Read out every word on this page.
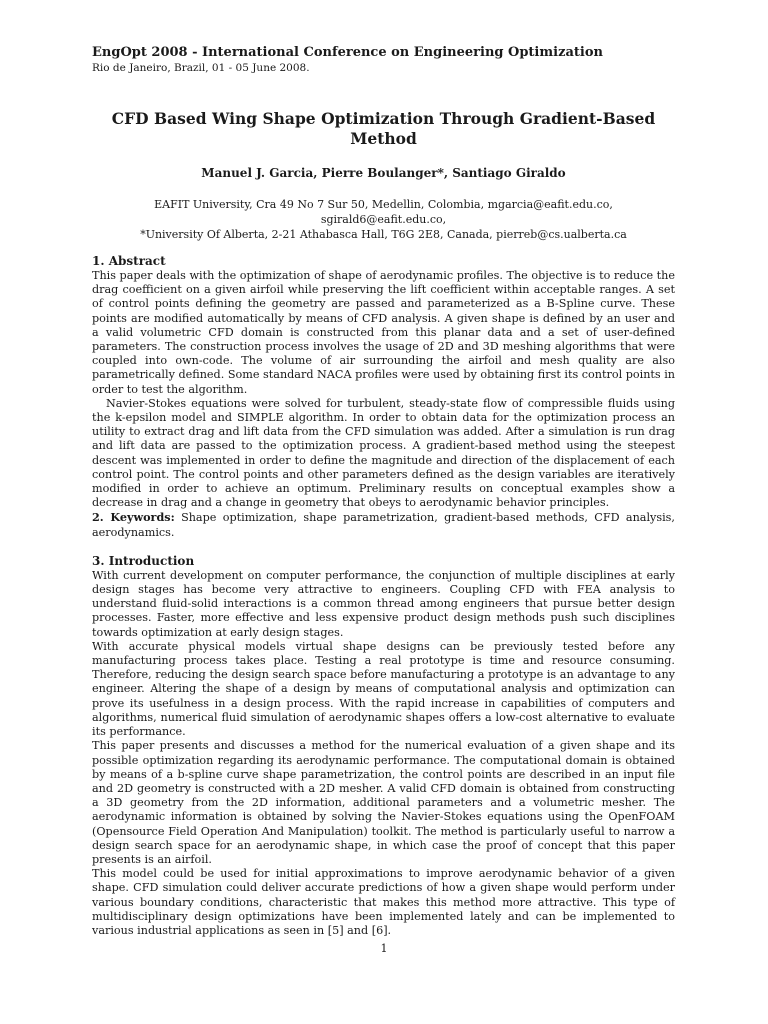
EngOpt 2008 - International Conference on Engineering Optimization

Rio de Janeiro, Brazil, 01 - 05 June 2008.

CFD Based Wing Shape Optimization Through Gradient-Based Method

Manuel J. Garcia, Pierre Boulanger*, Santiago Giraldo

EAFIT University, Cra 49 No 7 Sur 50, Medellin, Colombia, mgarcia@eafit.edu.co, sgirald6@eafit.edu.co,
*University Of Alberta, 2-21 Athabasca Hall, T6G 2E8, Canada, pierreb@cs.ualberta.ca

1. Abstract

This paper deals with the optimization of shape of aerodynamic profiles. The objective is to reduce the drag coefficient on a given airfoil while preserving the lift coefficient within acceptable ranges. A set of control points defining the geometry are passed and parameterized as a B-Spline curve. These points are modified automatically by means of CFD analysis. A given shape is defined by an user and a valid volumetric CFD domain is constructed from this planar data and a set of user-defined parameters. The construction process involves the usage of 2D and 3D meshing algorithms that were coupled into own-code. The volume of air surrounding the airfoil and mesh quality are also parametrically defined. Some standard NACA profiles were used by obtaining first its control points in order to test the algorithm.

Navier-Stokes equations were solved for turbulent, steady-state flow of compressible fluids using the k-epsilon model and SIMPLE algorithm. In order to obtain data for the optimization process an utility to extract drag and lift data from the CFD simulation was added. After a simulation is run drag and lift data are passed to the optimization process. A gradient-based method using the steepest descent was implemented in order to define the magnitude and direction of the displacement of each control point. The control points and other parameters defined as the design variables are iteratively modified in order to achieve an optimum. Preliminary results on conceptual examples show a decrease in drag and a change in geometry that obeys to aerodynamic behavior principles.

2. Keywords: Shape optimization, shape parametrization, gradient-based methods, CFD analysis, aerodynamics.

3. Introduction

With current development on computer performance, the conjunction of multiple disciplines at early design stages has become very attractive to engineers. Coupling CFD with FEA analysis to understand fluid-solid interactions is a common thread among engineers that pursue better design processes. Faster, more effective and less expensive product design methods push such disciplines towards optimization at early design stages.

With accurate physical models virtual shape designs can be previously tested before any manufacturing process takes place. Testing a real prototype is time and resource consuming. Therefore, reducing the design search space before manufacturing a prototype is an advantage to any engineer. Altering the shape of a design by means of computational analysis and optimization can prove its usefulness in a design process. With the rapid increase in capabilities of computers and algorithms, numerical fluid simulation of aerodynamic shapes offers a low-cost alternative to evaluate its performance.

This paper presents and discusses a method for the numerical evaluation of a given shape and its possible optimization regarding its aerodynamic performance. The computational domain is obtained by means of a b-spline curve shape parametrization, the control points are described in an input file and 2D geometry is constructed with a 2D mesher. A valid CFD domain is obtained from constructing a 3D geometry from the 2D information, additional parameters and a volumetric mesher. The aerodynamic information is obtained by solving the Navier-Stokes equations using the OpenFOAM (Opensource Field Operation And Manipulation) toolkit. The method is particularly useful to narrow a design search space for an aerodynamic shape, in which case the proof of concept that this paper presents is an airfoil.

This model could be used for initial approximations to improve aerodynamic behavior of a given shape. CFD simulation could deliver accurate predictions of how a given shape would perform under various boundary conditions, characteristic that makes this method more attractive. This type of multidisciplinary design optimizations have been implemented lately and can be implemented to various industrial applications as seen in [5] and [6].

1
